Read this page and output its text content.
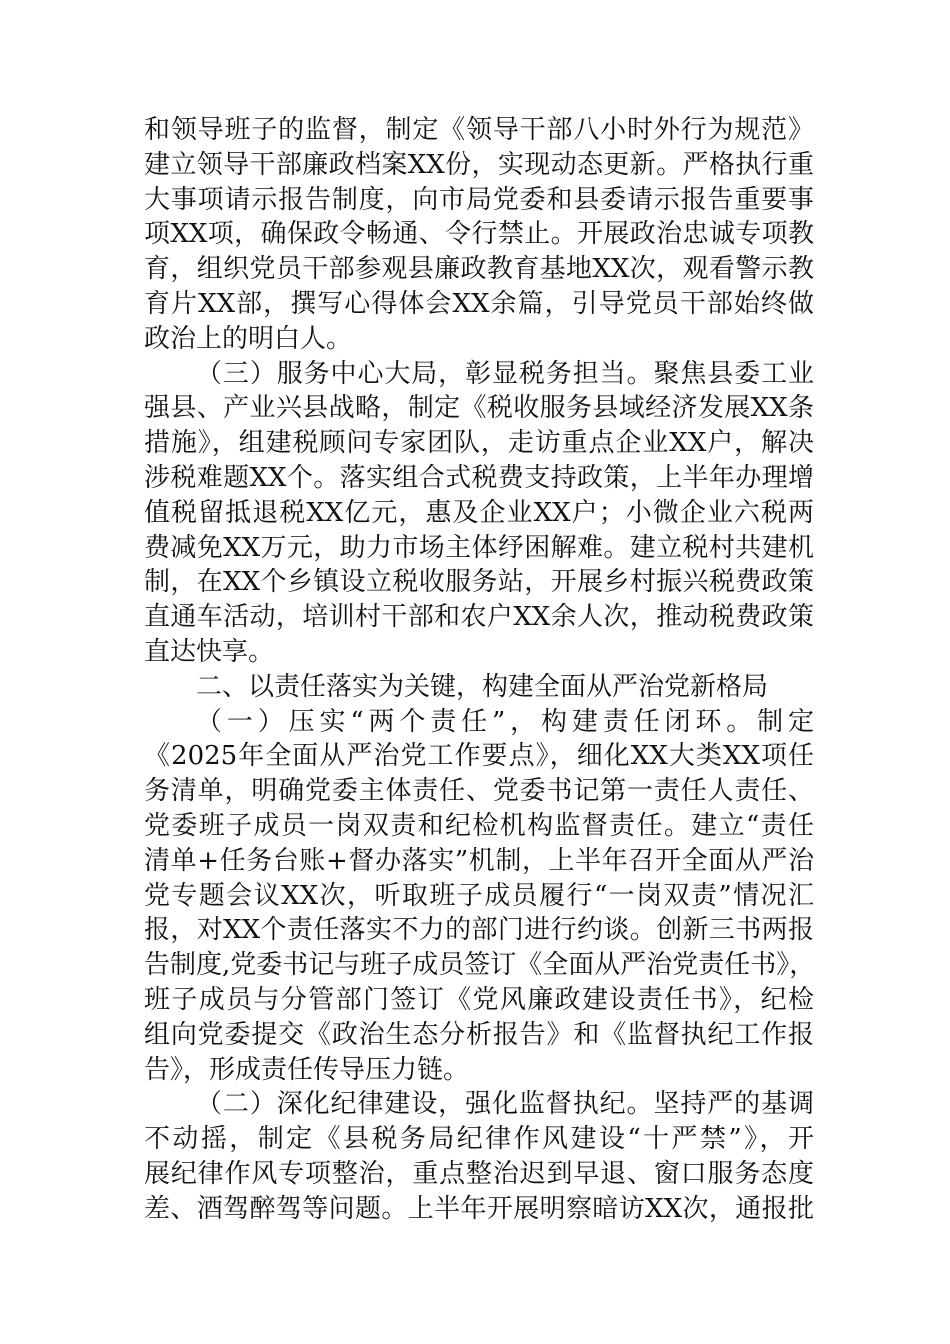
和领导班子的监督，制定《领导干部八小时外行为规范》
建立领导干部廉政档案XX份，实现动态更新。严格执行重
大事项请示报告制度，向市局党委和县委请示报告重要事
项XX项，确保政令畅通、令行禁止。开展政治忠诚专项教
育，组织党员干部参观县廉政教育基地XX次，观看警示教
育片XX部，撰写心得体会XX余篇，引导党员干部始终做
政治上的明白人。
（三）服务中心大局，彰显税务担当。聚焦县委工业
强县、产业兴县战略，制定《税收服务县域经济发展XX条
措施》，组建税顾问专家团队，走访重点企业XX户，解决
涉税难题XX个。落实组合式税费支持政策，上半年办理增
值税留抵退税XX亿元，惠及企业XX户；小微企业六税两
费减免XX万元，助力市场主体纾困解难。建立税村共建机
制，在XX个乡镇设立税收服务站，开展乡村振兴税费政策
直通车活动，培训村干部和农户XX余人次，推动税费政策
直达快享。
二、以责任落实为关键，构建全面从严治党新格局
（一）压实“两个责任”，构建责任闭环。制定
《2025年全面从严治党工作要点》，细化XX大类XX项任
务清单，明确党委主体责任、党委书记第一责任人责任、
党委班子成员一岗双责和纪检机构监督责任。建立“责任
清单+任务台账+督办落实”机制，上半年召开全面从严治
党专题会议XX次，听取班子成员履行“一岗双责”情况汇
报，对XX个责任落实不力的部门进行约谈。创新三书两报
告制度,党委书记与班子成员签订《全面从严治党责任书》，
班子成员与分管部门签订《党风廉政建设责任书》，纪检
组向党委提交《政治生态分析报告》和《监督执纪工作报
告》，形成责任传导压力链。
（二）深化纪律建设，强化监督执纪。坚持严的基调
不动摇，制定《县税务局纪律作风建设“十严禁”》，开
展纪律作风专项整治，重点整治迟到早退、窗口服务态度
差、酒驾醉驾等问题。上半年开展明察暗访XX次，通报批
